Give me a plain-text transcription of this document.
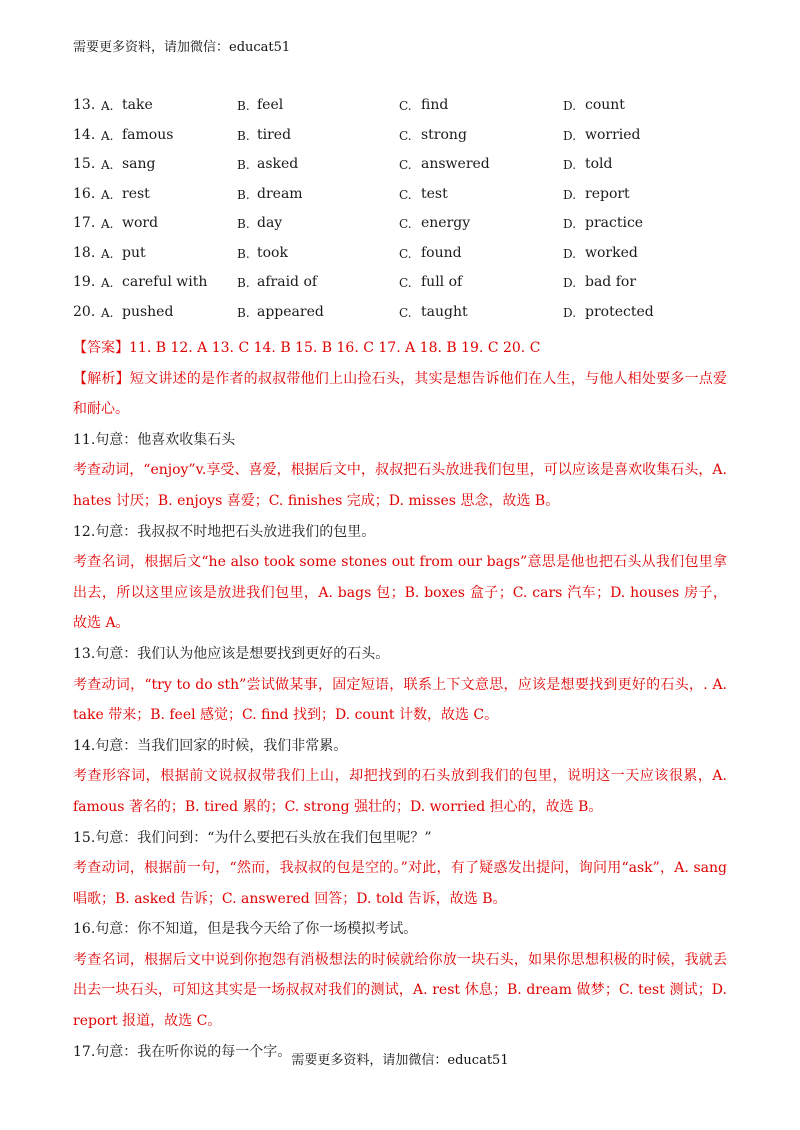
需要更多资料，请加微信：educat51
13. A. take	B. feel	C. find	D. count
14. A. famous	B. tired	C. strong	D. worried
15. A. sang	B. asked	C. answered	D. told
16. A. rest	B. dream	C. test	D. report
17. A. word	B. day	C. energy	D. practice
18. A. put	B. took	C. found	D. worked
19. A. careful with B. afraid of	C. full of	D. bad for
20. A. pushed	B. appeared	C. taught	D. protected

【答案】11. B 12. A 13. C 14. B 15. B 16. C 17. A 18. B 19. C 20. C

【解析】短文讲述的是作者的叔叔带他们上山捡石头，其实是想告诉他们在人生，与他人相处要多一点爱和耐心。

11.句意：他喜欢收集石头

考查动词，“enjoy”v.享受、喜爱，根据后文中，叔叔把石头放进我们包里，可以应该是喜欢收集石头，A. hates 讨厌；B. enjoys 喜爱；C. finishes 完成；D. misses 思念，故选 B。

12.句意：我叔叔不时地把石头放进我们的包里。

考查名词，根据后文“he also took some stones out from our bags”意思是他也把石头从我们包里拿出去，所以这里应该是放进我们包里，A. bags 包；B. boxes 盒子；C. cars 汽车；D. houses 房子，故选 A。

13.句意：我们认为他应该是想要找到更好的石头。

考查动词，“try to do sth”尝试做某事，固定短语，联系上下文意思，应该是想要找到更好的石头，. A. take 带来；B. feel 感觉；C. find 找到；D. count 计数，故选 C。

14.句意：当我们回家的时候，我们非常累。

考查形容词，根据前文说叔叔带我们上山，却把找到的石头放到我们的包里，说明这一天应该很累，A. famous 著名的；B. tired 累的；C. strong 强壮的；D. worried 担心的，故选 B。

15.句意：我们问到：“为什么要把石头放在我们包里呢？”

考查动词，根据前一句，“然而，我叔叔的包是空的。”对此，有了疑惑发出提问，询问用“ask”，A. sang 唱歌；B. asked 告诉；C. answered 回答；D. told 告诉，故选 B。

16.句意：你不知道，但是我今天给了你一场模拟考试。

考查名词，根据后文中说到你抱怨有消极想法的时候就给你放一块石头，如果你思想积极的时候，我就丢出去一块石头，可知这其实是一场叔叔对我们的测试，A. rest 休息；B. dream 做梦；C. test 测试；D. report 报道，故选 C。

17.句意：我在听你说的每一个字。

需要更多资料，请加微信：educat51
